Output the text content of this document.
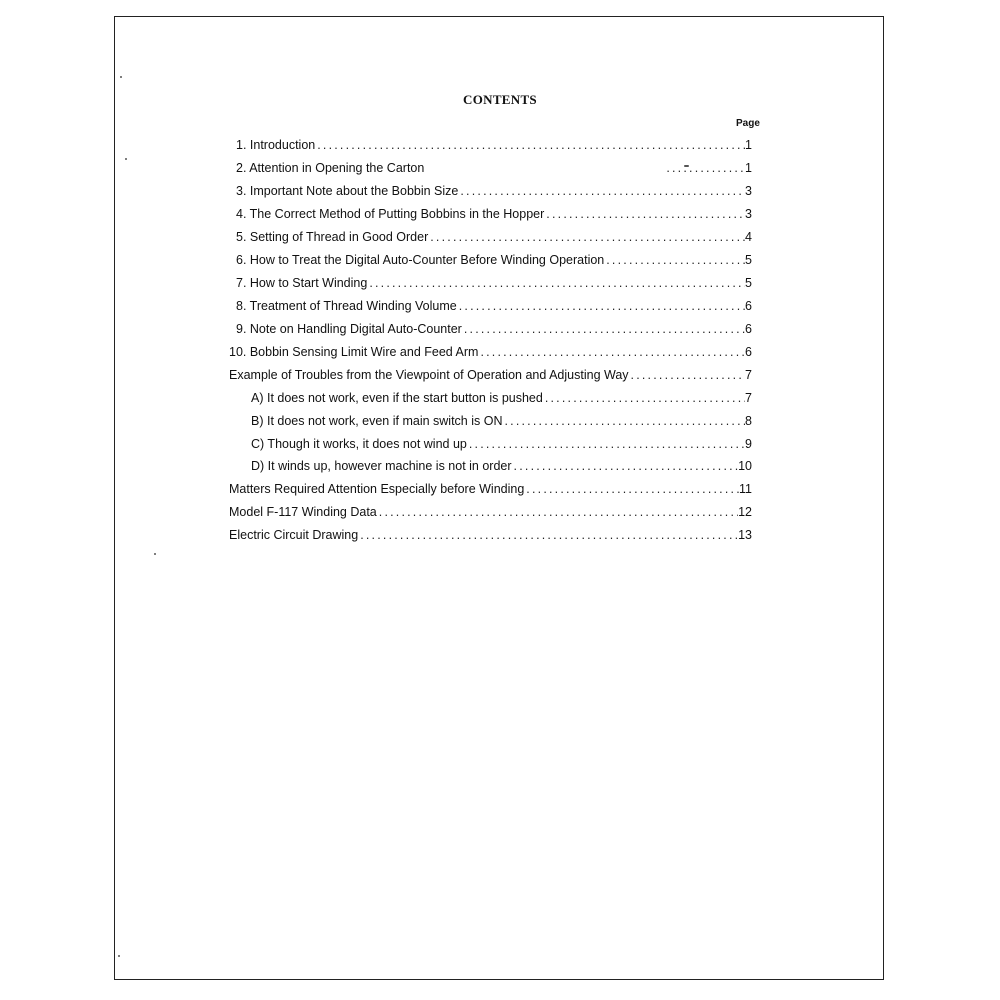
CONTENTS
Page
1. Introduction .....	1
2. Attention in Opening the Carton .....	1
3. Important Note about the Bobbin Size .....	3
4. The Correct Method of Putting Bobbins in the Hopper .....	3
5. Setting of Thread in Good Order .....	4
6. How to Treat the Digital Auto-Counter Before Winding Operation .....	5
7. How to Start Winding .....	5
8. Treatment of Thread Winding Volume .....	6
9. Note on Handling Digital Auto-Counter .....	6
10. Bobbin Sensing Limit Wire and Feed Arm .....	6
Example of Troubles from the Viewpoint of Operation and Adjusting Way .....	7
A) It does not work, even if the start button is pushed .....	7
B) It does not work, even if main switch is ON .....	8
C) Though it works, it does not wind up .....	9
D) It winds up, however machine is not in order .....	10
Matters Required Attention Especially before Winding .....	11
Model F-117 Winding Data .....	12
Electric Circuit Drawing .....	13
